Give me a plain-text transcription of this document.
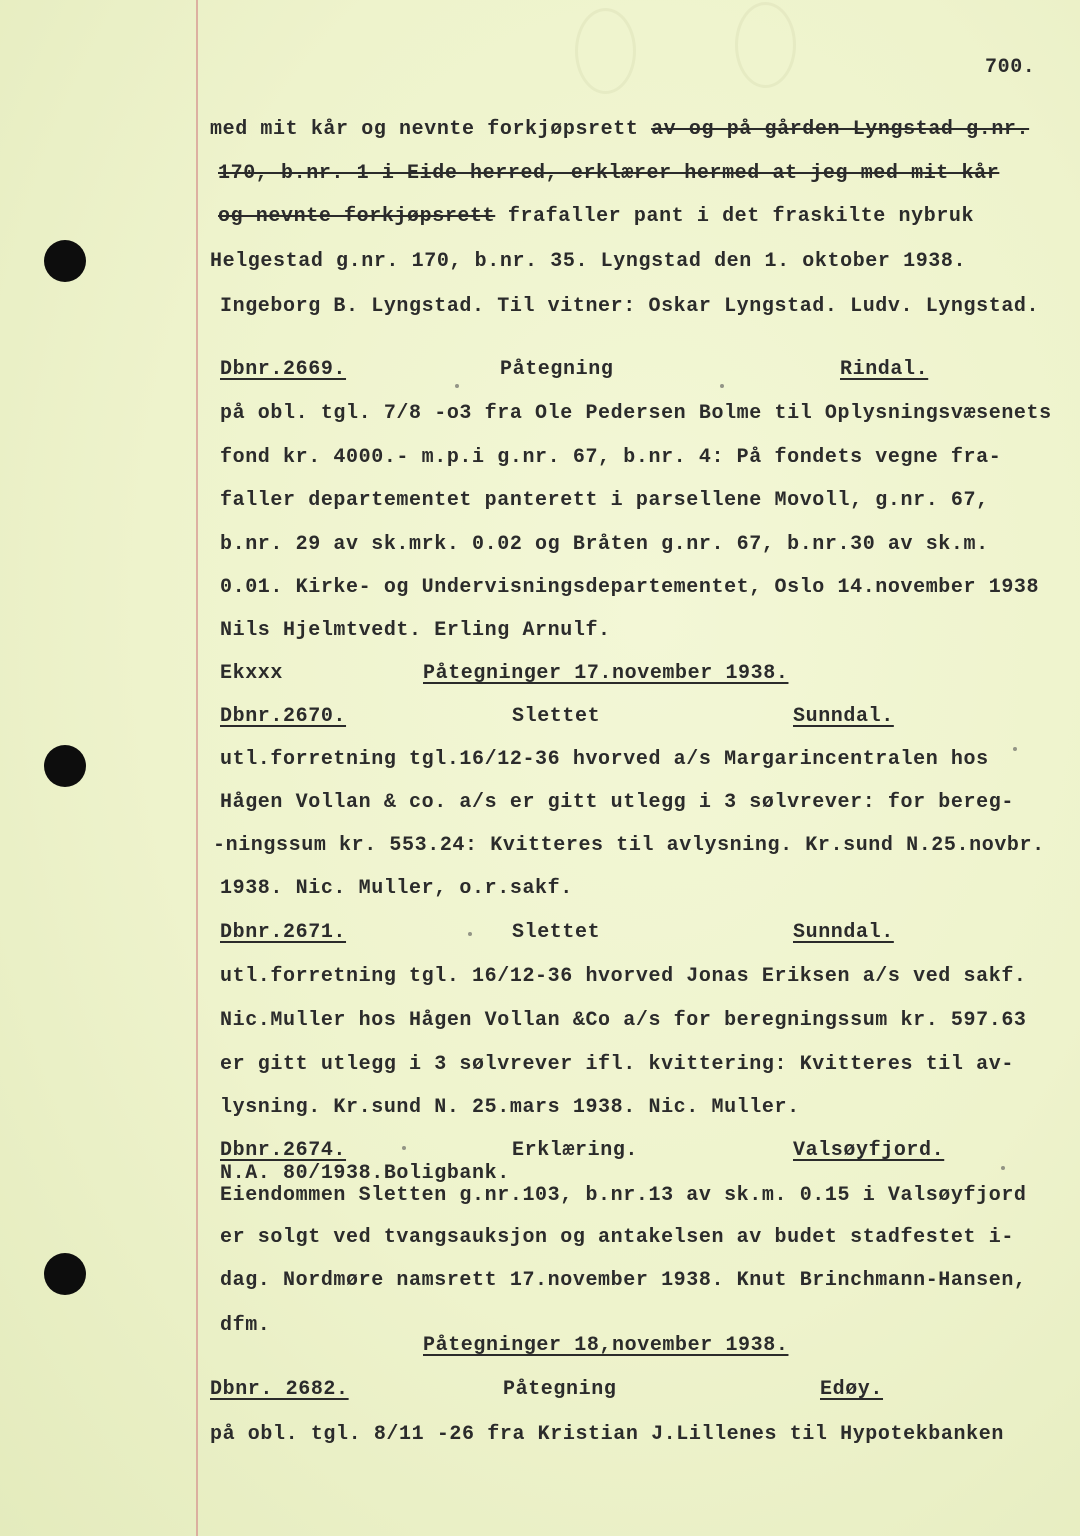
700.
med mit kår og nevnte forkjøpsrett av og på gården Lyngstad g.nr.
170, b.nr. 1 i Eide herred, erklærer hermed at jeg med mit kår
og nevnte forkjøpsrett frafaller pant i det fraskilte nybruk
Helgestad g.nr. 170, b.nr. 35. Lyngstad den 1. oktober 1938.
Ingeborg B. Lyngstad. Til vitner: Oskar Lyngstad. Ludv. Lyngstad.
Dbnr.2669.	Påtegning	Rindal.
på obl. tgl. 7/8 -o3 fra Ole Pedersen Bolme til Oplysningsvæsenets
fond kr. 4000.- m.p.i g.nr. 67, b.nr. 4: På fondets vegne fra-
faller departementet panterett i parsellene Movoll, g.nr. 67,
b.nr. 29 av sk.mrk. 0.02 og Bråten g.nr. 67, b.nr.30 av sk.m.
0.01. Kirke- og Undervisningsdepartementet, Oslo 14.november 1938
Nils Hjelmtvedt. Erling Arnulf.
Ekxxx	Påtegninger 17.november 1938.
Dbnr.2670.	Slettet	Sunndal.
utl.forretning tgl.16/12-36 hvorved a/s Margarincentralen hos
Hågen Vollan & co. a/s er gitt utlegg i 3 sølvrever: for bereg-
-ningssum kr. 553.24: Kvitteres til avlysning. Kr.sund N.25.novbr.
1938. Nic. Muller, o.r.sakf.
Dbnr.2671.	Slettet	Sunndal.
utl.forretning tgl. 16/12-36 hvorved Jonas Eriksen a/s ved sakf.
Nic.Muller hos Hågen Vollan &Co a/s for beregningssum kr. 597.63
er gitt utlegg i 3 sølvrever ifl. kvittering: Kvitteres til av-
lysning. Kr.sund N. 25.mars 1938. Nic. Muller.
Dbnr.2674.	Erklæring.	Valsøyfjord.
N.A. 80/1938.Boligbank.
Eiendommen Sletten g.nr.103, b.nr.13 av sk.m. 0.15 i Valsøyfjord
er solgt ved tvangsauksjon og antakelsen av budet stadfestet i-
dag. Nordmøre namsrett 17.november 1938. Knut Brinchmann-Hansen,
dfm.
Påtegninger 18,november 1938.
Dbnr. 2682.	Påtegning	Edøy.
på obl. tgl. 8/11 -26 fra Kristian J.Lillenes til Hypotekbanken
